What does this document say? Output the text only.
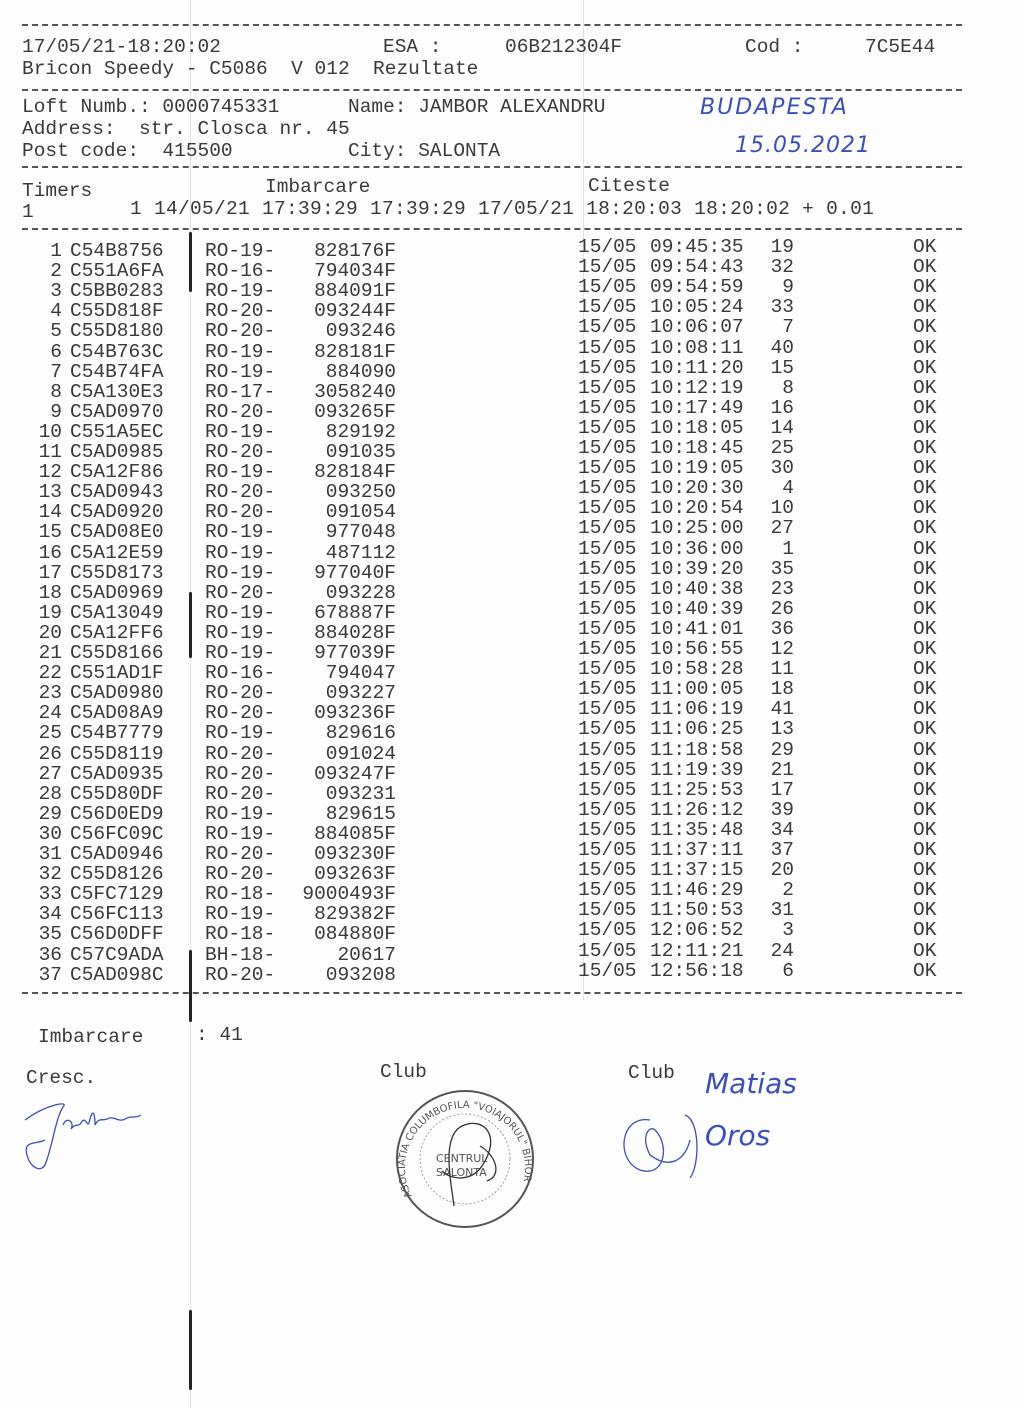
17/05/21-18:20:02	ESA :	06B212304F	Cod :	7C5E44
Bricon Speedy - C5086  V 012  Rezultate
Loft Numb.: 0000745331	Name: JAMBOR ALEXANDRU
Address:  str. Closca nr. 45
Post code:  415500	City: SALONTA
BUDAPESTA
15.05.2021
Timers	Imbarcare	Citeste
1	1 14/05/21 17:39:29 17:39:29 17/05/21 18:20:03 18:20:02 + 0.01
1 C54B8756 RO-19-	828176F	15/05 09:45:35	19	OK
2 C551A6FA RO-16-	794034F	15/05 09:54:43	32	OK
3 C5BB0283 RO-19-	884091F	15/05 09:54:59	9	OK
4 C55D818F RO-20-	093244F	15/05 10:05:24	33	OK
5 C55D8180 RO-20-	093246	15/05 10:06:07	7	OK
6 C54B763C RO-19-	828181F	15/05 10:08:11	40	OK
7 C54B74FA RO-19-	884090	15/05 10:11:20	15	OK
8 C5A130E3 RO-17-	3058240	15/05 10:12:19	8	OK
9 C5AD0970 RO-20-	093265F	15/05 10:17:49	16	OK
10 C551A5EC RO-19-	829192	15/05 10:18:05	14	OK
11 C5AD0985 RO-20-	091035	15/05 10:18:45	25	OK
12 C5A12F86 RO-19-	828184F	15/05 10:19:05	30	OK
13 C5AD0943 RO-20-	093250	15/05 10:20:30	4	OK
14 C5AD0920 RO-20-	091054	15/05 10:20:54	10	OK
15 C5AD08E0 RO-19-	977048	15/05 10:25:00	27	OK
16 C5A12E59 RO-19-	487112	15/05 10:36:00	1	OK
17 C55D8173 RO-19-	977040F	15/05 10:39:20	35	OK
18 C5AD0969 RO-20-	093228	15/05 10:40:38	23	OK
19 C5A13049 RO-19-	678887F	15/05 10:40:39	26	OK
20 C5A12FF6 RO-19-	884028F	15/05 10:41:01	36	OK
21 C55D8166 RO-19-	977039F	15/05 10:56:55	12	OK
22 C551AD1F RO-16-	794047	15/05 10:58:28	11	OK
23 C5AD0980 RO-20-	093227	15/05 11:00:05	18	OK
24 C5AD08A9 RO-20-	093236F	15/05 11:06:19	41	OK
25 C54B7779 RO-19-	829616	15/05 11:06:25	13	OK
26 C55D8119 RO-20-	091024	15/05 11:18:58	29	OK
27 C5AD0935 RO-20-	093247F	15/05 11:19:39	21	OK
28 C55D80DF RO-20-	093231	15/05 11:25:53	17	OK
29 C56D0ED9 RO-19-	829615	15/05 11:26:12	39	OK
30 C56FC09C RO-19-	884085F	15/05 11:35:48	34	OK
31 C5AD0946 RO-20-	093230F	15/05 11:37:11	37	OK
32 C55D8126 RO-20-	093263F	15/05 11:37:15	20	OK
33 C5FC7129 RO-18-	9000493F	15/05 11:46:29	2	OK
34 C56FC113 RO-19-	829382F	15/05 11:50:53	31	OK
35 C56D0DFF RO-18-	084880F	15/05 12:06:52	3	OK
36 C57C9ADA BH-18-	20617	15/05 12:11:21	24	OK
37 C5AD098C RO-20-	093208	15/05 12:56:18	6	OK
Imbarcare	: 41
Cresc.	Club	Club
ASOCIATIA COLUMBOFILA "VOIAJORUL" BIHOR
CENTRUL
SALONTA
Matias Oros
